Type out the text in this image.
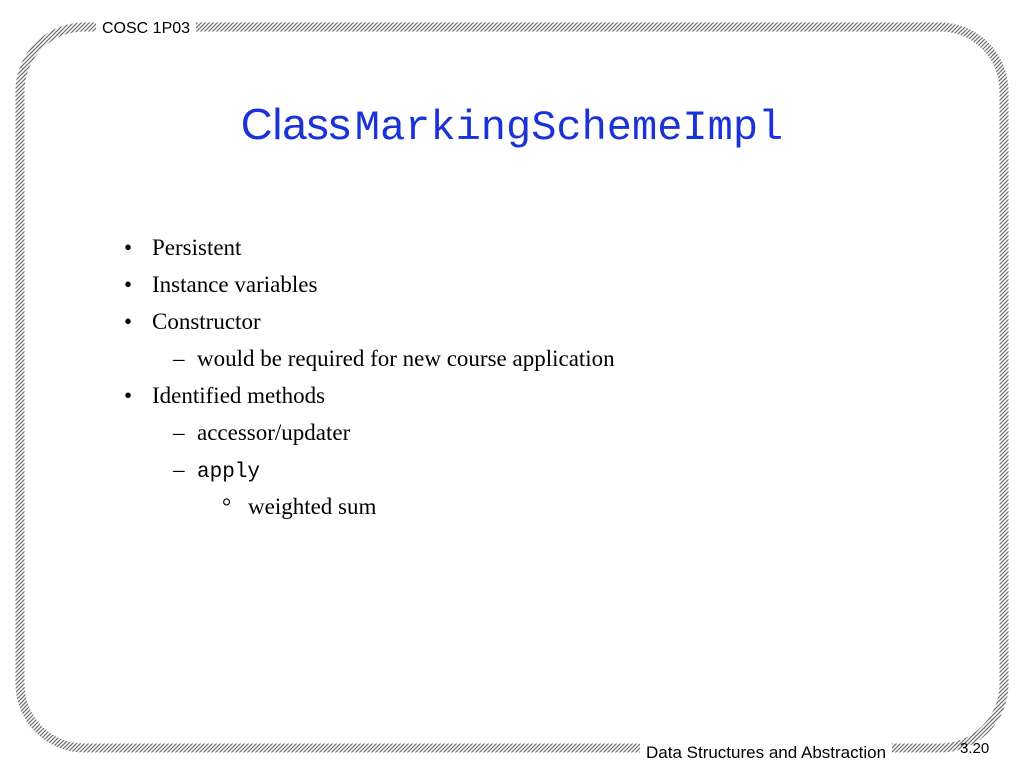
COSC 1P03
Class MarkingSchemeImpl
• Persistent
• Instance variables
• Constructor
– would be required for new course application
• Identified methods
– accessor/updater
– apply
° weighted sum
Data Structures and Abstraction	3.20
